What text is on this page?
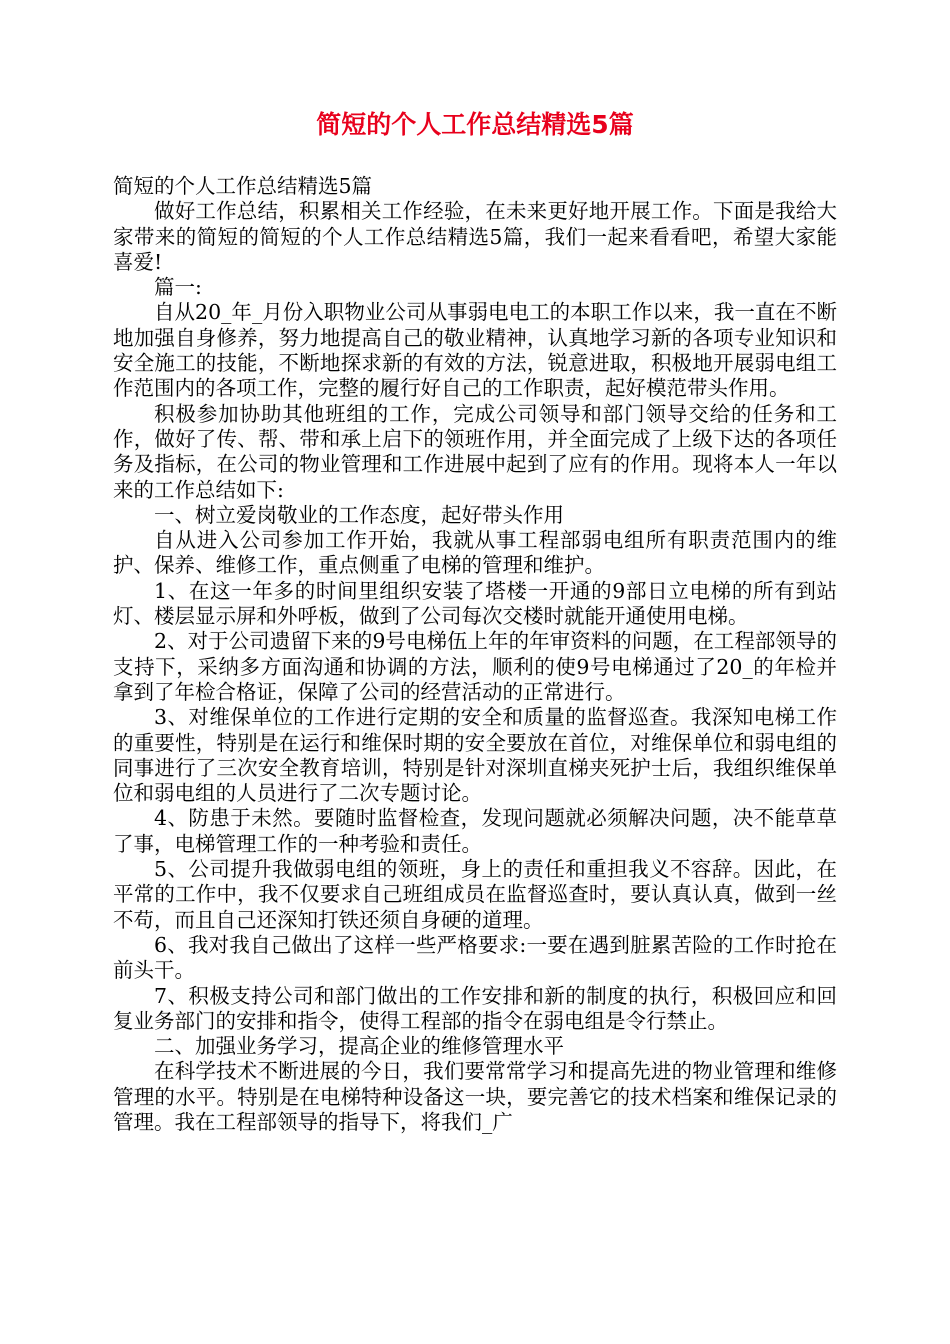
简短的个人工作总结精选5篇

简短的个人工作总结精选5篇

做好工作总结，积累相关工作经验，在未来更好地开展工作。下面是我给大家带来的简短的简短的个人工作总结精选5篇，我们一起来看看吧，希望大家能喜爱!

篇一:

自从20_年_月份入职物业公司从事弱电电工的本职工作以来，我一直在不断地加强自身修养，努力地提高自己的敬业精神，认真地学习新的各项专业知识和安全施工的技能，不断地探求新的有效的方法，锐意进取，积极地开展弱电组工作范围内的各项工作，完整的履行好自己的工作职责，起好模范带头作用。

积极参加协助其他班组的工作，完成公司领导和部门领导交给的任务和工作，做好了传、帮、带和承上启下的领班作用，并全面完成了上级下达的各项任务及指标，在公司的物业管理和工作进展中起到了应有的作用。现将本人一年以来的工作总结如下:

一、树立爱岗敬业的工作态度，起好带头作用

自从进入公司参加工作开始，我就从事工程部弱电组所有职责范围内的维护、保养、维修工作，重点侧重了电梯的管理和维护。

1、在这一年多的时间里组织安装了塔楼一开通的9部日立电梯的所有到站灯、楼层显示屏和外呼板，做到了公司每次交楼时就能开通使用电梯。

2、对于公司遗留下来的9号电梯伍上年的年审资料的问题，在工程部领导的支持下，采纳多方面沟通和协调的方法，顺利的使9号电梯通过了20_的年检并拿到了年检合格证，保障了公司的经营活动的正常进行。

3、对维保单位的工作进行定期的安全和质量的监督巡查。我深知电梯工作的重要性，特别是在运行和维保时期的安全要放在首位，对维保单位和弱电组的同事进行了三次安全教育培训，特别是针对深圳直梯夹死护士后，我组织维保单位和弱电组的人员进行了二次专题讨论。

4、防患于未然。要随时监督检查，发现问题就必须解决问题，决不能草草了事，电梯管理工作的一种考验和责任。

5、公司提升我做弱电组的领班，身上的责任和重担我义不容辞。因此，在平常的工作中，我不仅要求自己班组成员在监督巡查时，要认真认真，做到一丝不苟，而且自己还深知打铁还须自身硬的道理。

6、我对我自己做出了这样一些严格要求:一要在遇到脏累苦险的工作时抢在前头干。

7、积极支持公司和部门做出的工作安排和新的制度的执行，积极回应和回复业务部门的安排和指令，使得工程部的指令在弱电组是令行禁止。

二、加强业务学习，提高企业的维修管理水平

在科学技术不断进展的今日，我们要常常学习和提高先进的物业管理和维修管理的水平。特别是在电梯特种设备这一块，要完善它的技术档案和维保记录的管理。我在工程部领导的指导下，将我们_广
